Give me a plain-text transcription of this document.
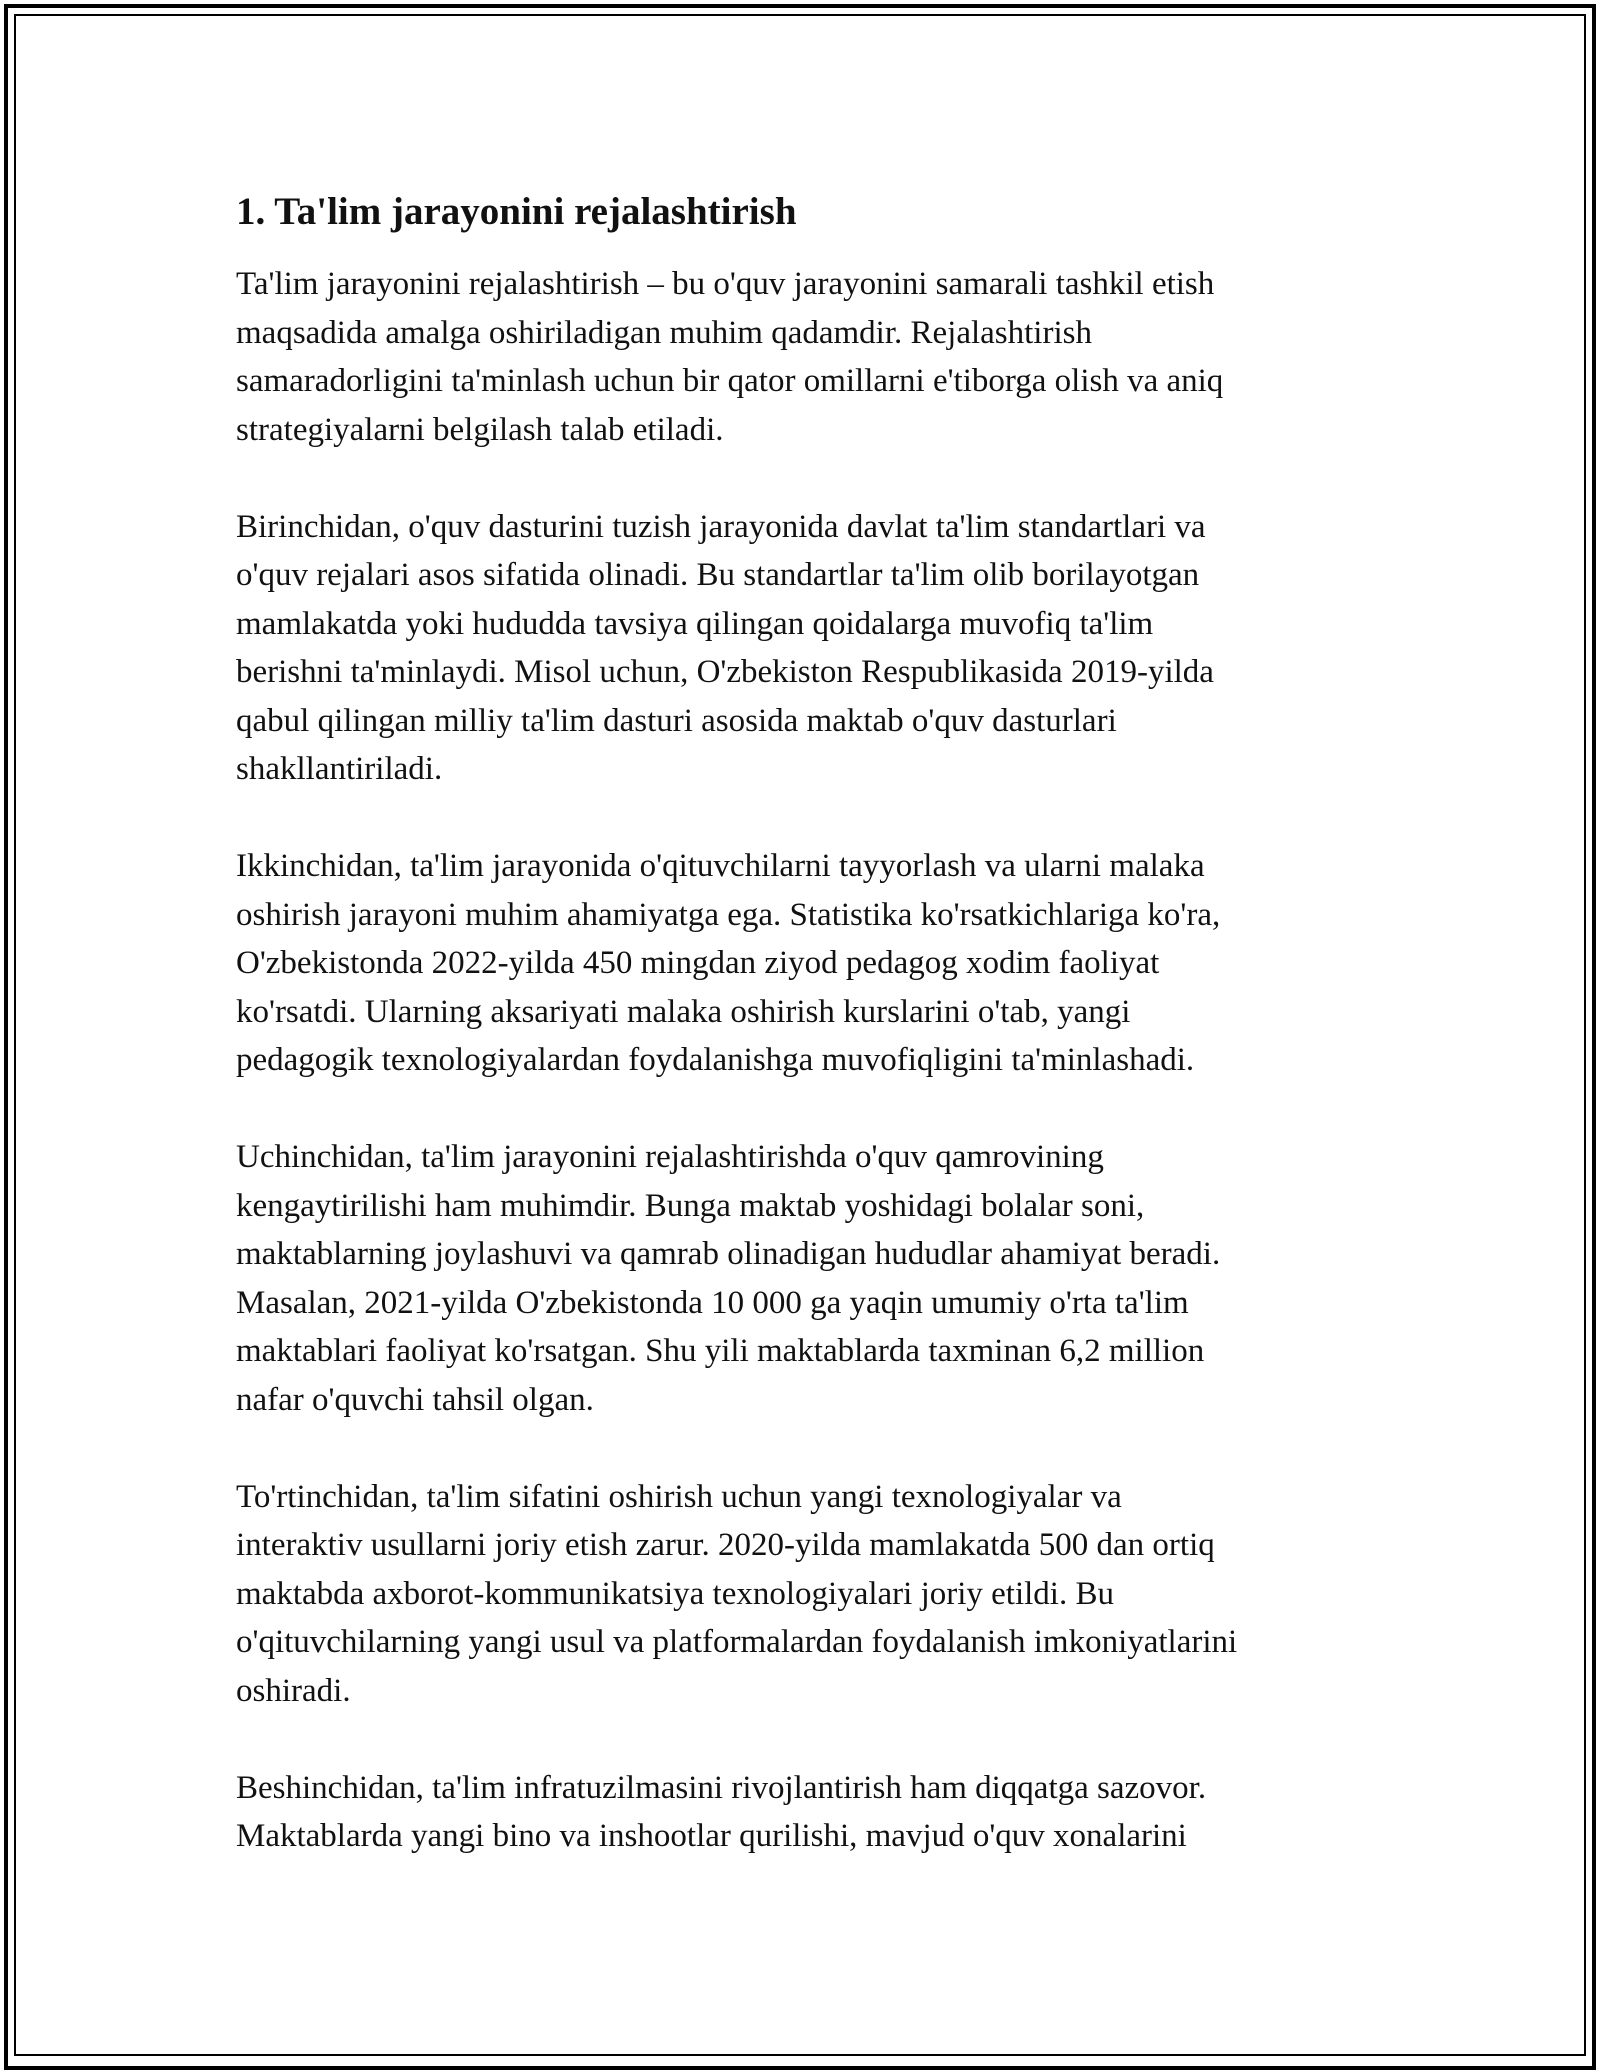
1. Ta'lim jarayonini rejalashtirish

Ta'lim jarayonini rejalashtirish – bu o'quv jarayonini samarali tashkil etish
maqsadida amalga oshiriladigan muhim qadamdir. Rejalashtirish
samaradorligini ta'minlash uchun bir qator omillarni e'tiborga olish va aniq
strategiyalarni belgilash talab etiladi.

Birinchidan, o'quv dasturini tuzish jarayonida davlat ta'lim standartlari va
o'quv rejalari asos sifatida olinadi. Bu standartlar ta'lim olib borilayotgan
mamlakatda yoki hududda tavsiya qilingan qoidalarga muvofiq ta'lim
berishni ta'minlaydi. Misol uchun, O'zbekiston Respublikasida 2019-yilda
qabul qilingan milliy ta'lim dasturi asosida maktab o'quv dasturlari
shakllantiriladi.

Ikkinchidan, ta'lim jarayonida o'qituvchilarni tayyorlash va ularni malaka
oshirish jarayoni muhim ahamiyatga ega. Statistika ko'rsatkichlariga ko'ra,
O'zbekistonda 2022-yilda 450 mingdan ziyod pedagog xodim faoliyat
ko'rsatdi. Ularning aksariyati malaka oshirish kurslarini o'tab, yangi
pedagogik texnologiyalardan foydalanishga muvofiqligini ta'minlashadi.

Uchinchidan, ta'lim jarayonini rejalashtirishda o'quv qamrovining
kengaytirilishi ham muhimdir. Bunga maktab yoshidagi bolalar soni,
maktablarning joylashuvi va qamrab olinadigan hududlar ahamiyat beradi.
Masalan, 2021-yilda O'zbekistonda 10 000 ga yaqin umumiy o'rta ta'lim
maktablari faoliyat ko'rsatgan. Shu yili maktablarda taxminan 6,2 million
nafar o'quvchi tahsil olgan.

To'rtinchidan, ta'lim sifatini oshirish uchun yangi texnologiyalar va
interaktiv usullarni joriy etish zarur. 2020-yilda mamlakatda 500 dan ortiq
maktabda axborot-kommunikatsiya texnologiyalari joriy etildi. Bu
o'qituvchilarning yangi usul va platformalardan foydalanish imkoniyatlarini
oshiradi.

Beshinchidan, ta'lim infratuzilmasini rivojlantirish ham diqqatga sazovor.
Maktablarda yangi bino va inshootlar qurilishi, mavjud o'quv xonalarini
